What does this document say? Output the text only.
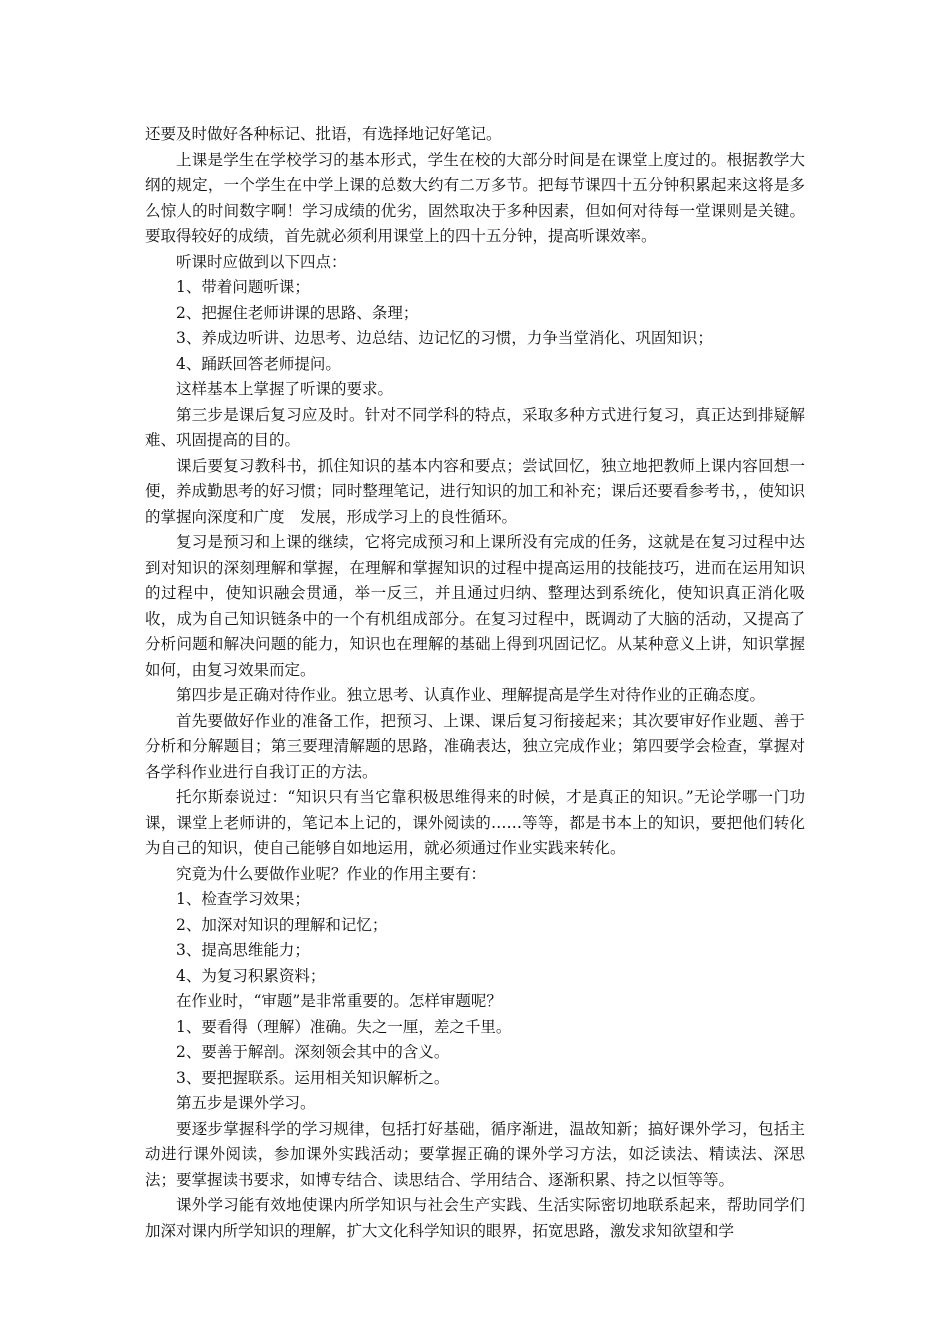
还要及时做好各种标记、批语，有选择地记好笔记。

上课是学生在学校学习的基本形式，学生在校的大部分时间是在课堂上度过的。根据教学大纲的规定，一个学生在中学上课的总数大约有二万多节。把每节课四十五分钟积累起来这将是多么惊人的时间数字啊！学习成绩的优劣，固然取决于多种因素，但如何对待每一堂课则是关键。要取得较好的成绩，首先就必须利用课堂上的四十五分钟，提高听课效率。

听课时应做到以下四点：

1、带着问题听课；

2、把握住老师讲课的思路、条理；

3、养成边听讲、边思考、边总结、边记忆的习惯，力争当堂消化、巩固知识；

4、踊跃回答老师提问。

这样基本上掌握了听课的要求。

第三步是课后复习应及时。针对不同学科的特点，采取多种方式进行复习，真正达到排疑解难、巩固提高的目的。

课后要复习教科书，抓住知识的基本内容和要点；尝试回忆，独立地把教师上课内容回想一便，养成勤思考的好习惯；同时整理笔记，进行知识的加工和补充；课后还要看参考书，，使知识的掌握向深度和广度　发展，形成学习上的良性循环。

复习是预习和上课的继续，它将完成预习和上课所没有完成的任务，这就是在复习过程中达到对知识的深刻理解和掌握，在理解和掌握知识的过程中提高运用的技能技巧，进而在运用知识的过程中，使知识融会贯通，举一反三，并且通过归纳、整理达到系统化，使知识真正消化吸收，成为自己知识链条中的一个有机组成部分。在复习过程中，既调动了大脑的活动，又提高了分析问题和解决问题的能力，知识也在理解的基础上得到巩固记忆。从某种意义上讲，知识掌握如何，由复习效果而定。

第四步是正确对待作业。独立思考、认真作业、理解提高是学生对待作业的正确态度。

首先要做好作业的准备工作，把预习、上课、课后复习衔接起来；其次要审好作业题、善于分析和分解题目；第三要理清解题的思路，准确表达，独立完成作业；第四要学会检查，掌握对各学科作业进行自我订正的方法。

托尔斯泰说过：“知识只有当它靠积极思维得来的时候，才是真正的知识。”无论学哪一门功课，课堂上老师讲的，笔记本上记的，课外阅读的……等等，都是书本上的知识，要把他们转化为自己的知识，使自己能够自如地运用，就必须通过作业实践来转化。

究竟为什么要做作业呢？作业的作用主要有：

1、检查学习效果；

2、加深对知识的理解和记忆；

3、提高思维能力；

4、为复习积累资料；

在作业时，“审题”是非常重要的。怎样审题呢？

1、要看得（理解）准确。失之一厘，差之千里。

2、要善于解剖。深刻领会其中的含义。

3、要把握联系。运用相关知识解析之。

第五步是课外学习。

要逐步掌握科学的学习规律，包括打好基础，循序渐进，温故知新；搞好课外学习，包括主动进行课外阅读，参加课外实践活动；要掌握正确的课外学习方法，如泛读法、精读法、深思法；要掌握读书要求，如博专结合、读思结合、学用结合、逐渐积累、持之以恒等等。

课外学习能有效地使课内所学知识与社会生产实践、生活实际密切地联系起来，帮助同学们加深对课内所学知识的理解，扩大文化科学知识的眼界，拓宽思路，激发求知欲望和学
